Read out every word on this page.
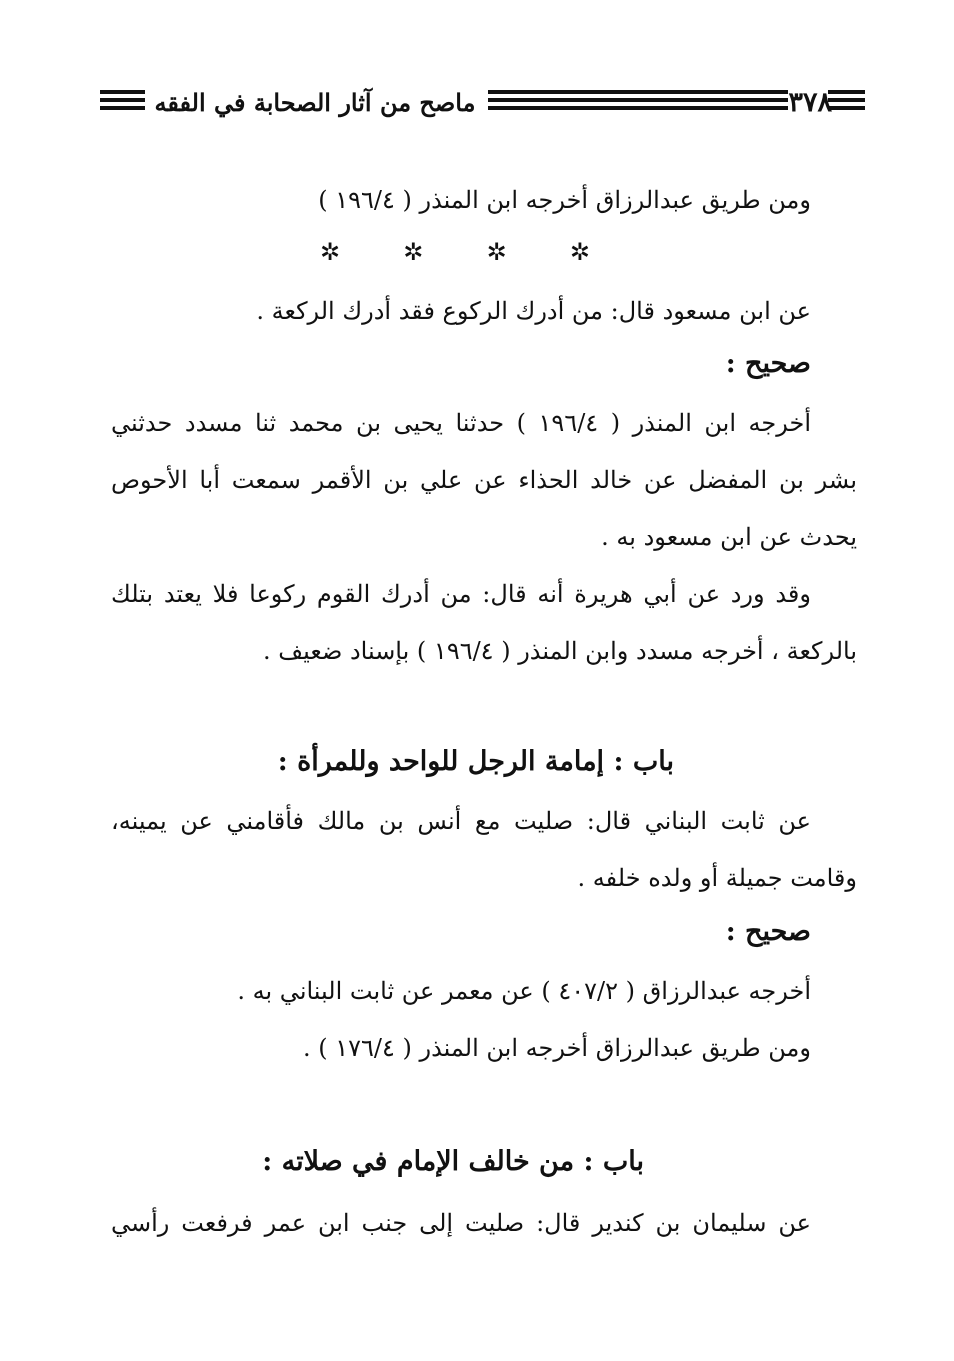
٣٧٨
ماصح من آثار الصحابة في الفقه
ومن طريق عبدالرزاق أخرجه ابن المنذر ( ١٩٦/٤ )
✲
✲
✲
✲
عن ابن مسعود قال: من أدرك الركوع فقد أدرك الركعة .
صحيح :
أخرجه ابن المنذر ( ١٩٦/٤ ) حدثنا يحيى بن محمد ثنا مسدد حدثني
بشر بن المفضل عن خالد الحذاء عن علي بن الأقمر سمعت أبا الأحوص
يحدث عن ابن مسعود به .
وقد ورد عن أبي هريرة أنه قال: من أدرك القوم ركوعا فلا يعتد بتلك
بالركعة ، أخرجه مسدد وابن المنذر ( ١٩٦/٤ ) بإسناد ضعيف .
باب : إمامة الرجل للواحد وللمرأة :
عن ثابت البناني قال: صليت مع أنس بن مالك فأقامني عن يمينه،
وقامت جميلة أو ولده خلفه .
صحيح :
أخرجه عبدالرزاق ( ٤٠٧/٢ ) عن معمر عن ثابت البناني به .
ومن طريق عبدالرزاق أخرجه ابن المنذر ( ١٧٦/٤ ) .
باب : من خالف الإمام في صلاته :
عن سليمان بن كندير قال: صليت إلى جنب ابن عمر فرفعت رأسي
